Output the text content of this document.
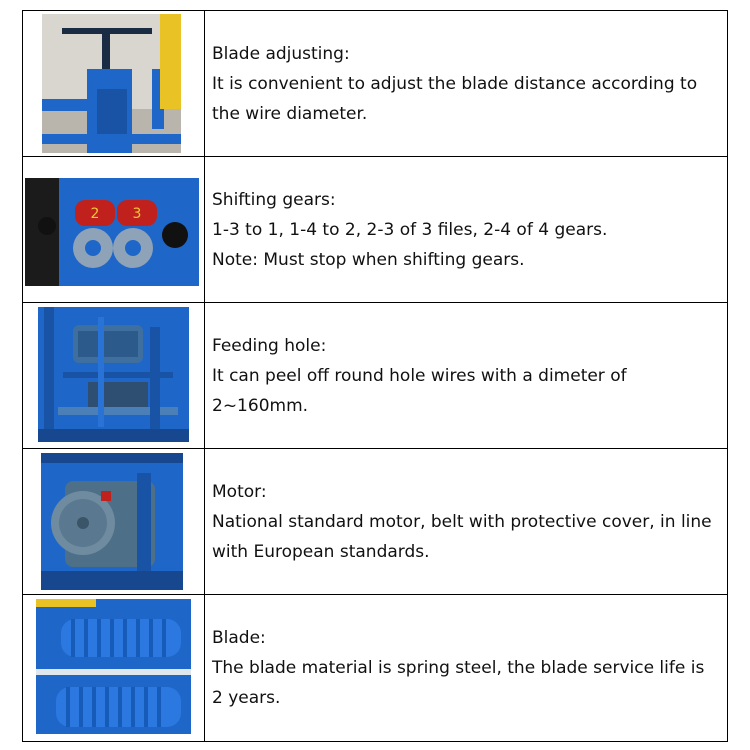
Blade adjusting:
It is convenient to adjust the blade distance according to
the wire diameter.
2 3
Shifting gears:
1-3 to 1, 1-4 to 2, 2-3 of 3 files, 2-4 of 4 gears.
Note: Must stop when shifting gears.
Feeding hole:
It can peel off round hole wires with a dimeter of
2~160mm.
Motor:
National standard motor, belt with protective cover, in line
with European standards.
Blade:
The blade material is spring steel, the blade service life is
2 years.
